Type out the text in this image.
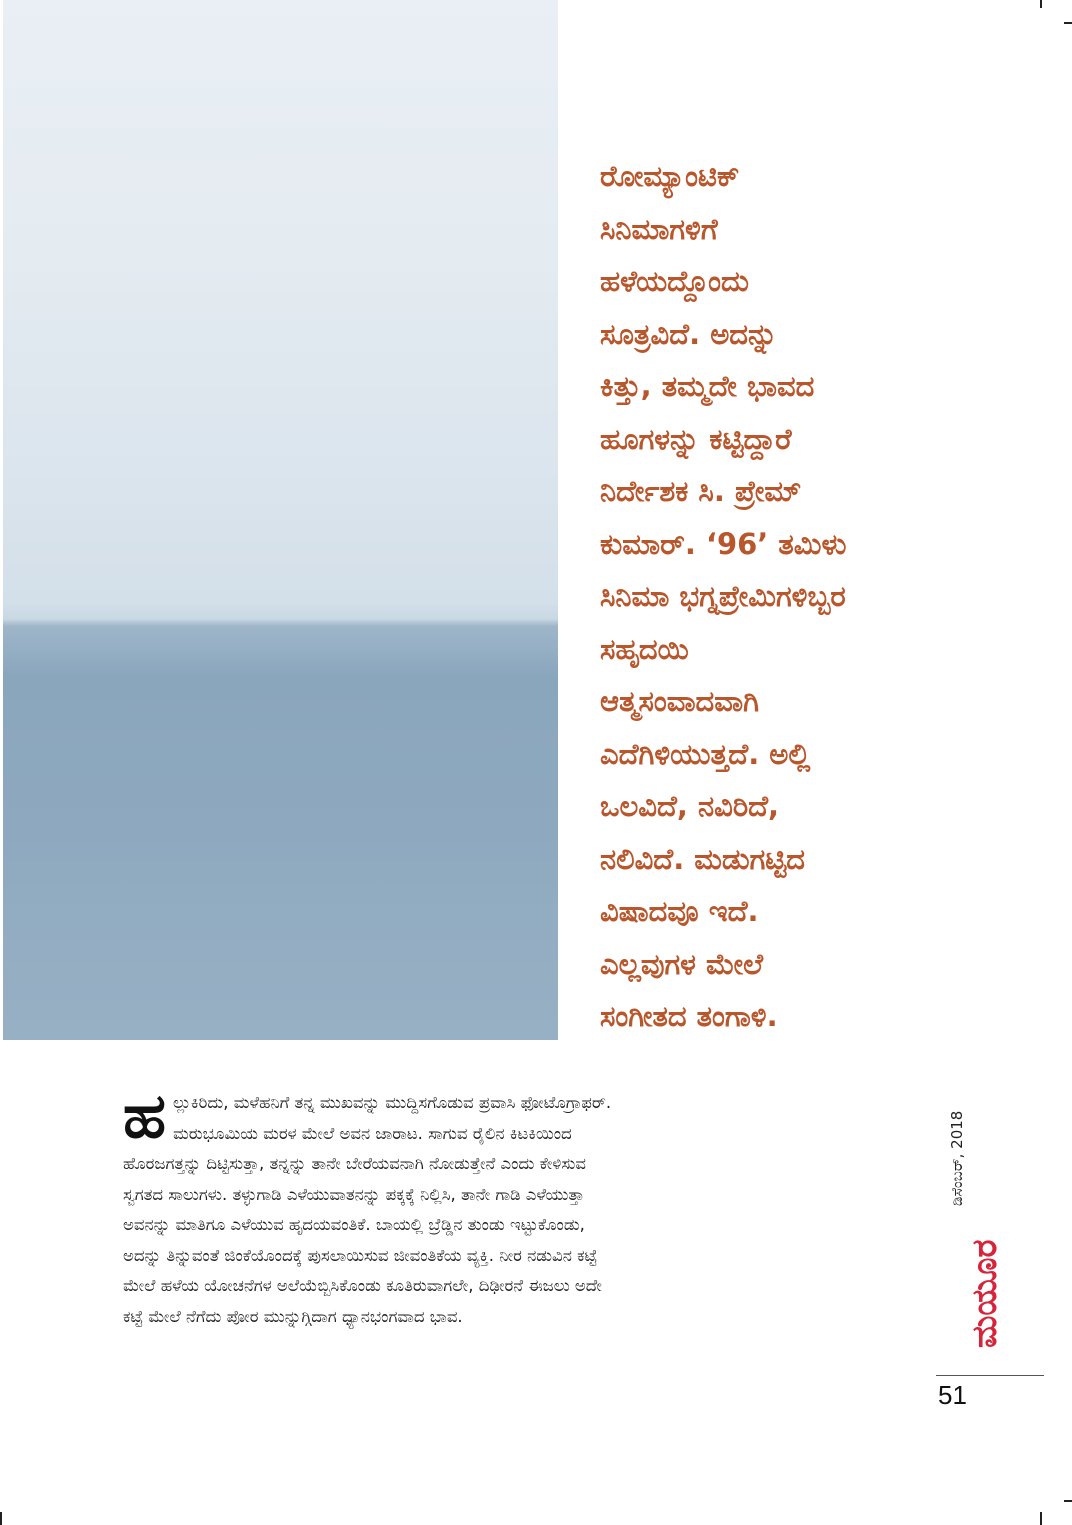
ರೋಮ್ಯಾಂಟಿಕ್
ಸಿನಿಮಾಗಳಿಗೆ
ಹಳೆಯದ್ದೊಂದು
ಸೂತ್ರವಿದೆ. ಅದನ್ನು
ಕಿತ್ತು, ತಮ್ಮದೇ ಭಾವದ
ಹೂಗಳನ್ನು ಕಟ್ಟಿದ್ದಾರೆ
ನಿರ್ದೇಶಕ ಸಿ. ಪ್ರೇಮ್
ಕುಮಾರ್. ‘96’ ತಮಿಳು
ಸಿನಿಮಾ ಭಗ್ನಪ್ರೇಮಿಗಳಿಬ್ಬರ
ಸಹೃದಯಿ
ಆತ್ಮಸಂವಾದವಾಗಿ
ಎದೆಗಿಳಿಯುತ್ತದೆ. ಅಲ್ಲಿ
ಒಲವಿದೆ, ನವಿರಿದೆ,
ನಲಿವಿದೆ. ಮಡುಗಟ್ಟಿದ
ವಿಷಾದವೂ ಇದೆ.
ಎಲ್ಲವುಗಳ ಮೇಲೆ
ಸಂಗೀತದ ತಂಗಾಳಿ.
ಹ ಲ್ಲುಕಿರಿದು, ಮಳೆಹನಿಗೆ ತನ್ನ ಮುಖವನ್ನು ಮುದ್ದಿಸಗೊಡುವ ಪ್ರವಾಸಿ ಫೋಟೊಗ್ರಾಫರ್.
ಮರುಭೂಮಿಯ ಮರಳ ಮೇಲೆ ಅವನ ಜಾರಾಟ. ಸಾಗುವ ರೈಲಿನ ಕಿಟಕಿಯಿಂದ
ಹೊರಜಗತ್ತನ್ನು ದಿಟ್ಟಿಸುತ್ತಾ, ತನ್ನನ್ನು ತಾನೇ ಬೇರೆಯವನಾಗಿ ನೋಡುತ್ತೇನೆ ಎಂದು ಕೇಳಿಸುವ
ಸ್ವಗತದ ಸಾಲುಗಳು. ತಳ್ಳುಗಾಡಿ ಎಳೆಯುವಾತನನ್ನು ಪಕ್ಕಕ್ಕೆ ನಿಲ್ಲಿಸಿ, ತಾನೇ ಗಾಡಿ ಎಳೆಯುತ್ತಾ
ಅವನನ್ನು ಮಾತಿಗೂ ಎಳೆಯುವ ಹೃದಯವಂತಿಕೆ. ಬಾಯಲ್ಲಿ ಬ್ರೆಡ್ಡಿನ ತುಂಡು ಇಟ್ಟುಕೊಂಡು,
ಅದನ್ನು ತಿನ್ನುವಂತೆ ಜಿಂಕೆಯೊಂದಕ್ಕೆ ಪುಸಲಾಯಿಸುವ ಜೀವಂತಿಕೆಯ ವ್ಯಕ್ತಿ. ನೀರ ನಡುವಿನ ಕಟ್ಟೆ
ಮೇಲೆ ಹಳೆಯ ಯೋಚನೆಗಳ ಅಲೆಯೆಬ್ಬಿಸಿಕೊಂಡು ಕೂತಿರುವಾಗಲೇ, ದಿಢೀರನೆ ಈಜಲು ಅದೇ
ಕಟ್ಟೆ ಮೇಲೆ ನೆಗೆದು ಪೋರ ಮುನ್ನುಗ್ಗಿದಾಗ ಧ್ಯಾನಭಂಗವಾದ ಭಾವ.
ಡಿಸೆಂಬರ್, 2018
ಮಯೂರ
51
